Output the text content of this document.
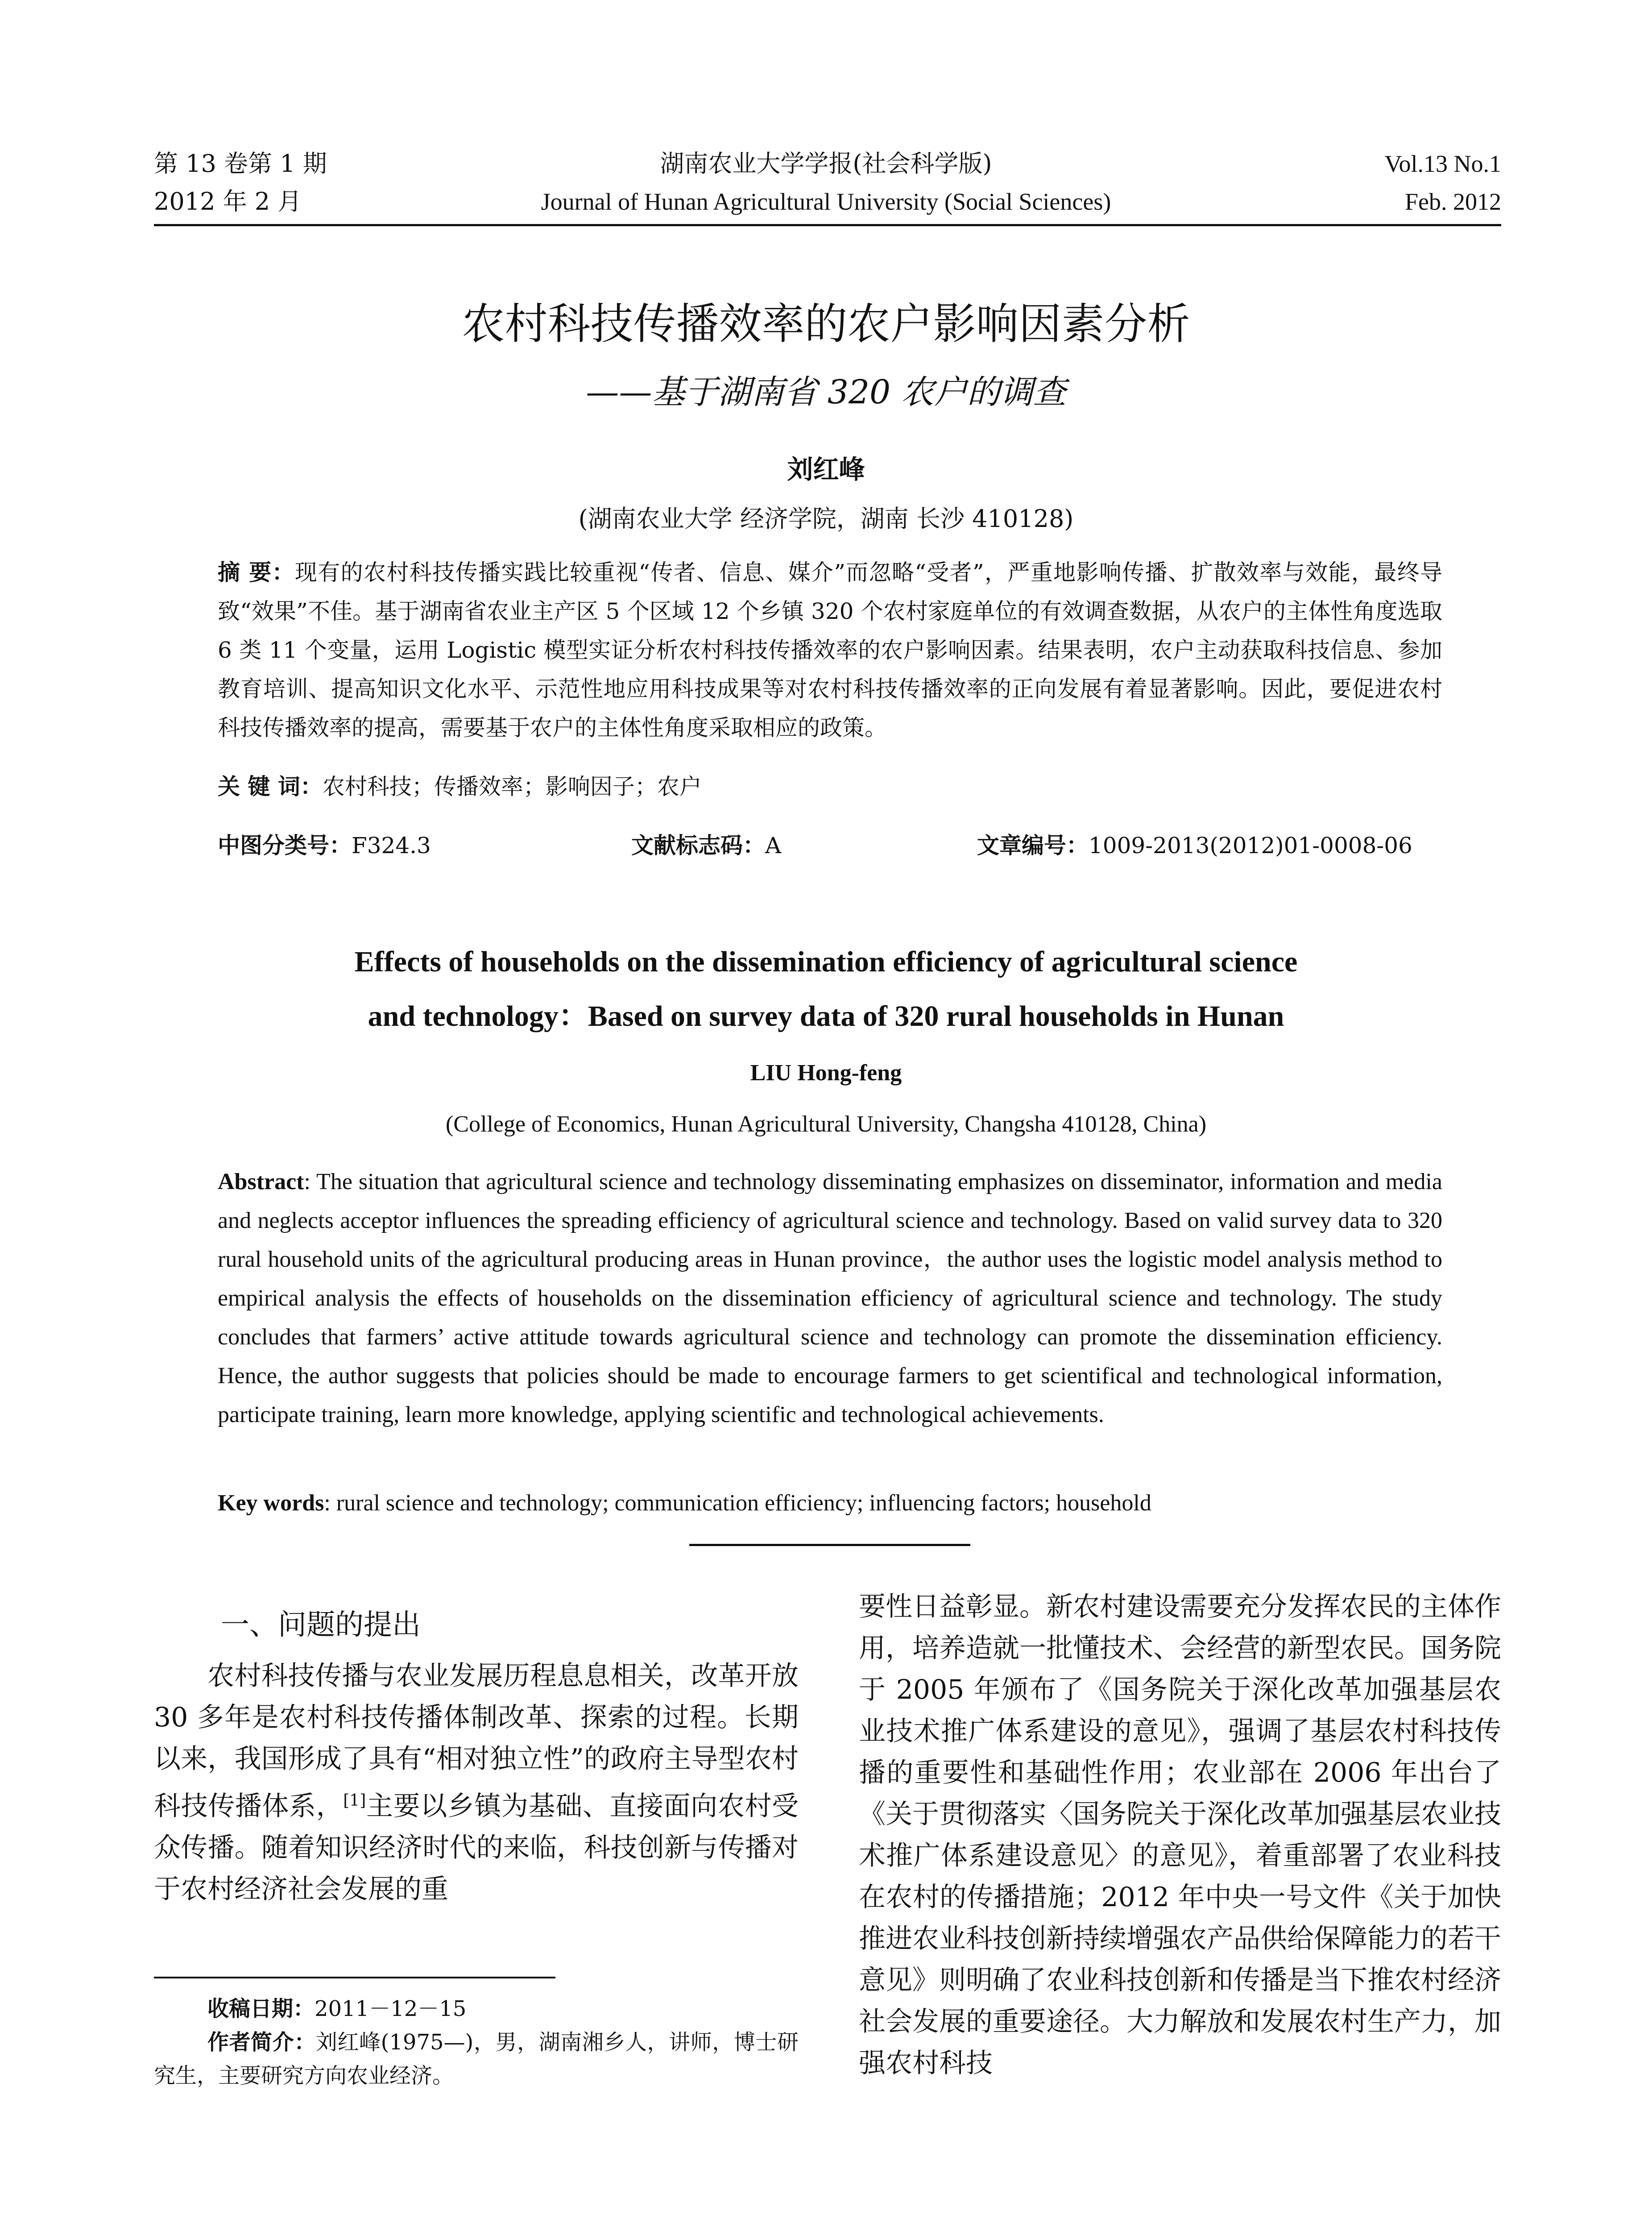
第 13 卷第 1 期
2012 年 2 月
湖南农业大学学报(社会科学版)
Journal of Hunan Agricultural University (Social Sciences)
Vol.13 No.1
Feb. 2012
农村科技传播效率的农户影响因素分析
——基于湖南省 320 农户的调查
刘红峰
(湖南农业大学 经济学院，湖南 长沙 410128)
摘 要：现有的农村科技传播实践比较重视“传者、信息、媒介”而忽略“受者”，严重地影响传播、扩散效率与效能，最终导致“效果”不佳。基于湖南省农业主产区 5 个区域 12 个乡镇 320 个农村家庭单位的有效调查数据，从农户的主体性角度选取 6 类 11 个变量，运用 Logistic 模型实证分析农村科技传播效率的农户影响因素。结果表明，农户主动获取科技信息、参加教育培训、提高知识文化水平、示范性地应用科技成果等对农村科技传播效率的正向发展有着显著影响。因此，要促进农村科技传播效率的提高，需要基于农户的主体性角度采取相应的政策。
关 键 词：农村科技；传播效率；影响因子；农户
中图分类号：F324.3	文献标志码：A	文章编号：1009-2013(2012)01-0008-06
Effects of households on the dissemination efficiency of agricultural science
and technology：Based on survey data of 320 rural households in Hunan
LIU Hong-feng
(College of Economics, Hunan Agricultural University, Changsha 410128, China)
Abstract: The situation that agricultural science and technology disseminating emphasizes on disseminator, information and media and neglects acceptor influences the spreading efficiency of agricultural science and technology. Based on valid survey data to 320 rural household units of the agricultural producing areas in Hunan province，the author uses the logistic model analysis method to empirical analysis the effects of households on the dissemination efficiency of agricultural science and technology. The study concludes that farmers’ active attitude towards agricultural science and technology can promote the dissemination efficiency. Hence, the author suggests that policies should be made to encourage farmers to get scientifical and technological information, participate training, learn more knowledge, applying scientific and technological achievements.
Key words: rural science and technology; communication efficiency; influencing factors; household
一、问题的提出
农村科技传播与农业发展历程息息相关，改革开放 30 多年是农村科技传播体制改革、探索的过程。长期以来，我国形成了具有“相对独立性”的政府主导型农村科技传播体系，[1]主要以乡镇为基础、直接面向农村受众传播。随着知识经济时代的来临，科技创新与传播对于农村经济社会发展的重
要性日益彰显。新农村建设需要充分发挥农民的主体作用，培养造就一批懂技术、会经营的新型农民。国务院于 2005 年颁布了《国务院关于深化改革加强基层农业技术推广体系建设的意见》，强调了基层农村科技传播的重要性和基础性作用；农业部在 2006 年出台了《关于贯彻落实〈国务院关于深化改革加强基层农业技术推广体系建设意见〉的意见》，着重部署了农业科技在农村的传播措施；2012 年中央一号文件《关于加快推进农业科技创新持续增强农产品供给保障能力的若干意见》则明确了农业科技创新和传播是当下推农村经济社会发展的重要途径。大力解放和发展农村生产力，加强农村科技
收稿日期：2011－12－15
作者简介：刘红峰(1975—)，男，湖南湘乡人，讲师，博士研究生，主要研究方向农业经济。
